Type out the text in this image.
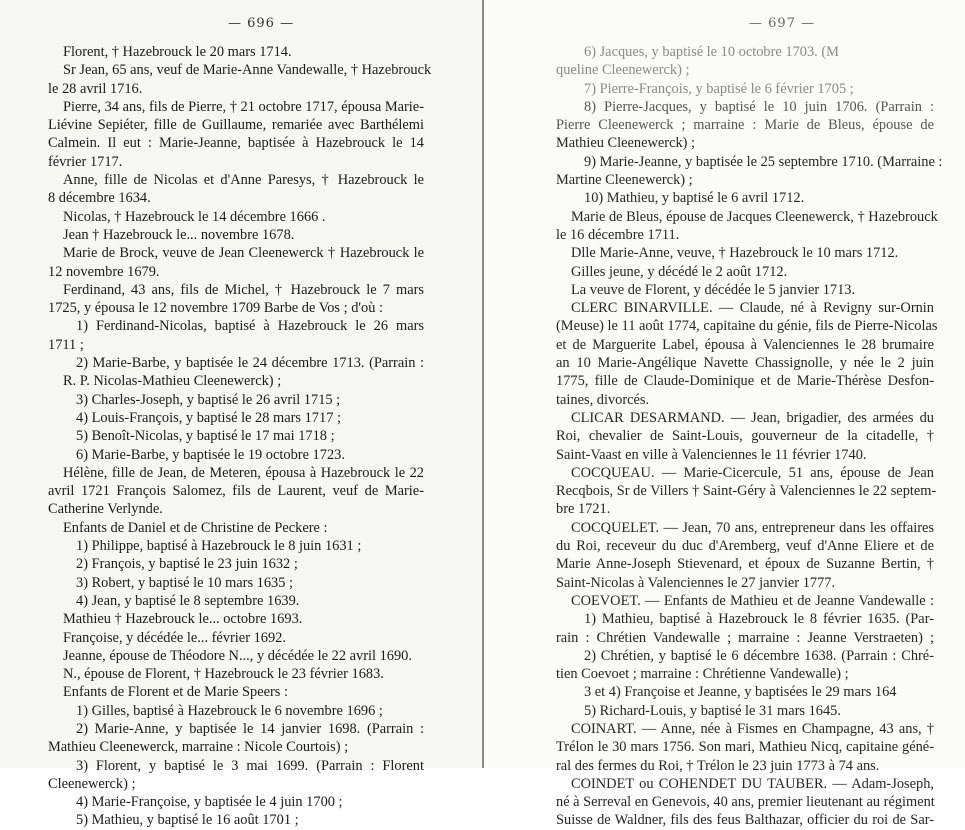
— 696 —
Florent, † Hazebrouck le 20 mars 1714.
Sr Jean, 65 ans, veuf de Marie-Anne Vandewalle, † Hazebrouck
le 28 avril 1716.
Pierre, 34 ans, fils de Pierre, † 21 octobre 1717, épousa Marie-
Liévine Sepiéter, fille de Guillaume, remariée avec Barthélemi
Calmein. Il eut : Marie-Jeanne, baptisée à Hazebrouck le 14
février 1717.
Anne, fille de Nicolas et d'Anne Paresys, † Hazebrouck le
8 décembre 1634.
Nicolas, † Hazebrouck le 14 décembre 1666 .
Jean † Hazebrouck le... novembre 1678.
Marie de Brock, veuve de Jean Cleenewerck † Hazebrouck le
12 novembre 1679.
Ferdinand, 43 ans, fils de Michel, † Hazebrouck le 7 mars
1725, y épousa le 12 novembre 1709 Barbe de Vos ; d'où :
1) Ferdinand-Nicolas, baptisé à Hazebrouck le 26 mars
1711 ;
2) Marie-Barbe, y baptisée le 24 décembre 1713. (Parrain :
R. P. Nicolas-Mathieu Cleenewerck) ;
3) Charles-Joseph, y baptisé le 26 avril 1715 ;
4) Louis-François, y baptisé le 28 mars 1717 ;
5) Benoît-Nicolas, y baptisé le 17 mai 1718 ;
6) Marie-Barbe, y baptisée le 19 octobre 1723.
Hélène, fille de Jean, de Meteren, épousa à Hazebrouck le 22
avril 1721 François Salomez, fils de Laurent, veuf de Marie-
Catherine Verlynde.
Enfants de Daniel et de Christine de Peckere :
1) Philippe, baptisé à Hazebrouck le 8 juin 1631 ;
2) François, y baptisé le 23 juin 1632 ;
3) Robert, y baptisé le 10 mars 1635 ;
4) Jean, y baptisé le 8 septembre 1639.
Mathieu † Hazebrouck le... octobre 1693.
Françoise, y décédée le... février 1692.
Jeanne, épouse de Théodore N..., y décédée le 22 avril 1690.
N., épouse de Florent, † Hazebrouck le 23 février 1683.
Enfants de Florent et de Marie Speers :
1) Gilles, baptisé à Hazebrouck le 6 novembre 1696 ;
2) Marie-Anne, y baptisée le 14 janvier 1698. (Parrain :
Mathieu Cleenewerck, marraine : Nicole Courtois) ;
3) Florent, y baptisé le 3 mai 1699. (Parrain : Florent
Cleenewerck) ;
4) Marie-Françoise, y baptisée le 4 juin 1700 ;
5) Mathieu, y baptisé le 16 août 1701 ;
— 697 —
6) Jacques, y baptisé le 10 octobre 1703. (M
queline Cleenewerck) ;
7) Pierre-François, y baptisé le 6 février 1705 ;
8) Pierre-Jacques, y baptisé le 10 juin 1706. (Parrain :
Pierre Cleenewerck ; marraine : Marie de Bleus, épouse de
Mathieu Cleenewerck) ;
9) Marie-Jeanne, y baptisée le 25 septembre 1710. (Marraine :
Martine Cleenewerck) ;
10) Mathieu, y baptisé le 6 avril 1712.
Marie de Bleus, épouse de Jacques Cleenewerck, † Hazebrouck
le 16 décembre 1711.
Dlle Marie-Anne, veuve, † Hazebrouck le 10 mars 1712.
Gilles jeune, y décédé le 2 août 1712.
La veuve de Florent, y décédée le 5 janvier 1713.
CLERC BINARVILLE. — Claude, né à Revigny sur-Ornin
(Meuse) le 11 août 1774, capitaine du génie, fils de Pierre-Nicolas
et de Marguerite Label, épousa à Valenciennes le 28 brumaire
an 10 Marie-Angélique Navette Chassignolle, y née le 2 juin
1775, fille de Claude-Dominique et de Marie-Thérèse Desfon-
taines, divorcés.
CLICAR DESARMAND. — Jean, brigadier, des armées du
Roi, chevalier de Saint-Louis, gouverneur de la citadelle, †
Saint-Vaast en ville à Valenciennes le 11 février 1740.
COCQUEAU. — Marie-Cicercule, 51 ans, épouse de Jean
Recqbois, Sr de Villers † Saint-Géry à Valenciennes le 22 septem-
bre 1721.
COCQUELET. — Jean, 70 ans, entrepreneur dans les offaires
du Roi, receveur du duc d'Aremberg, veuf d'Anne Eliere et de
Marie Anne-Joseph Stievenard, et époux de Suzanne Bertin, †
Saint-Nicolas à Valenciennes le 27 janvier 1777.
COEVOET. — Enfants de Mathieu et de Jeanne Vandewalle :
1) Mathieu, baptisé à Hazebrouck le 8 février 1635. (Par-
rain : Chrétien Vandewalle ; marraine : Jeanne Verstraeten) ;
2) Chrétien, y baptisé le 6 décembre 1638. (Parrain : Chré-
tien Coevoet ; marraine : Chrétienne Vandewalle) ;
3 et 4) Françoise et Jeanne, y baptisées le 29 mars 164
5) Richard-Louis, y baptisé le 31 mars 1645.
COINART. — Anne, née à Fismes en Champagne, 43 ans, †
Trélon le 30 mars 1756. Son mari, Mathieu Nicq, capitaine géné-
ral des fermes du Roi, † Trélon le 23 juin 1773 à 74 ans.
COINDET ou COHENDET DU TAUBER. — Adam-Joseph,
né à Serreval en Genevois, 40 ans, premier lieutenant au régiment
Suisse de Waldner, fils des feus Balthazar, officier du roi de Sar-
